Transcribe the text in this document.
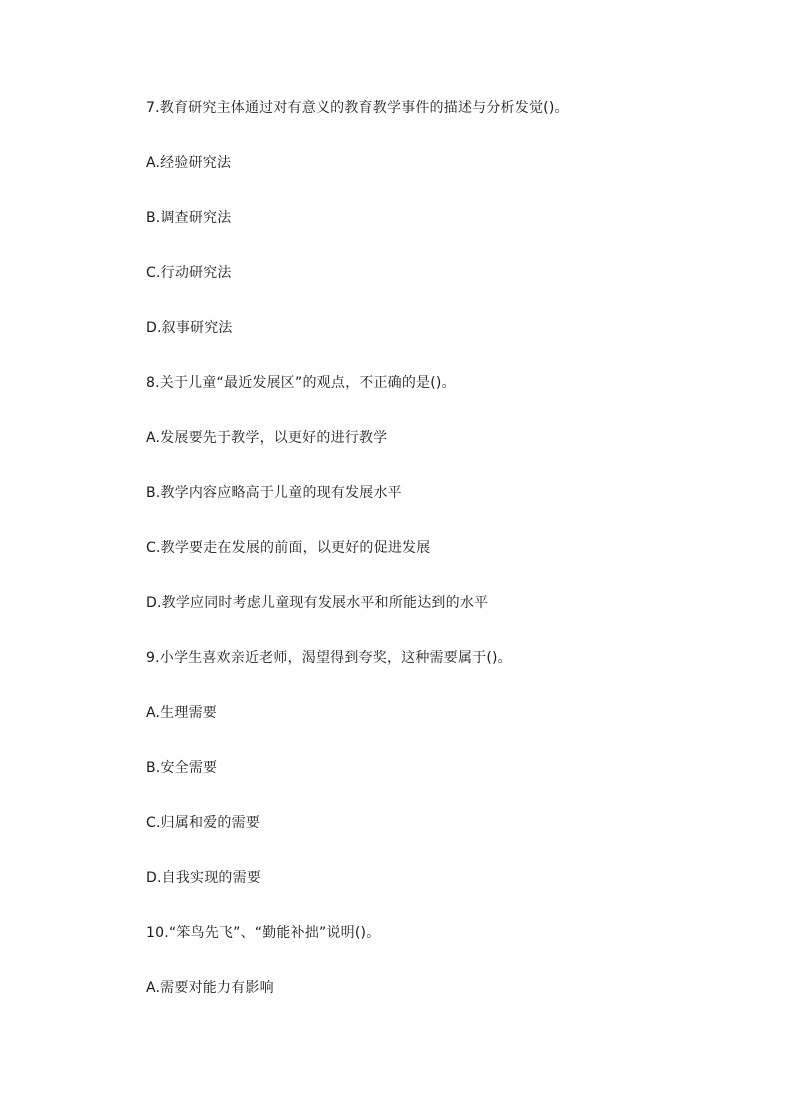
7.教育研究主体通过对有意义的教育教学事件的描述与分析发觉()。
A.经验研究法
B.调查研究法
C.行动研究法
D.叙事研究法
8.关于儿童“最近发展区”的观点，不正确的是()。
A.发展要先于教学，以更好的进行教学
B.教学内容应略高于儿童的现有发展水平
C.教学要走在发展的前面，以更好的促进发展
D.教学应同时考虑儿童现有发展水平和所能达到的水平
9.小学生喜欢亲近老师，渴望得到夸奖，这种需要属于()。
A.生理需要
B.安全需要
C.归属和爱的需要
D.自我实现的需要
10.“笨鸟先飞”、“勤能补拙”说明()。
A.需要对能力有影响
